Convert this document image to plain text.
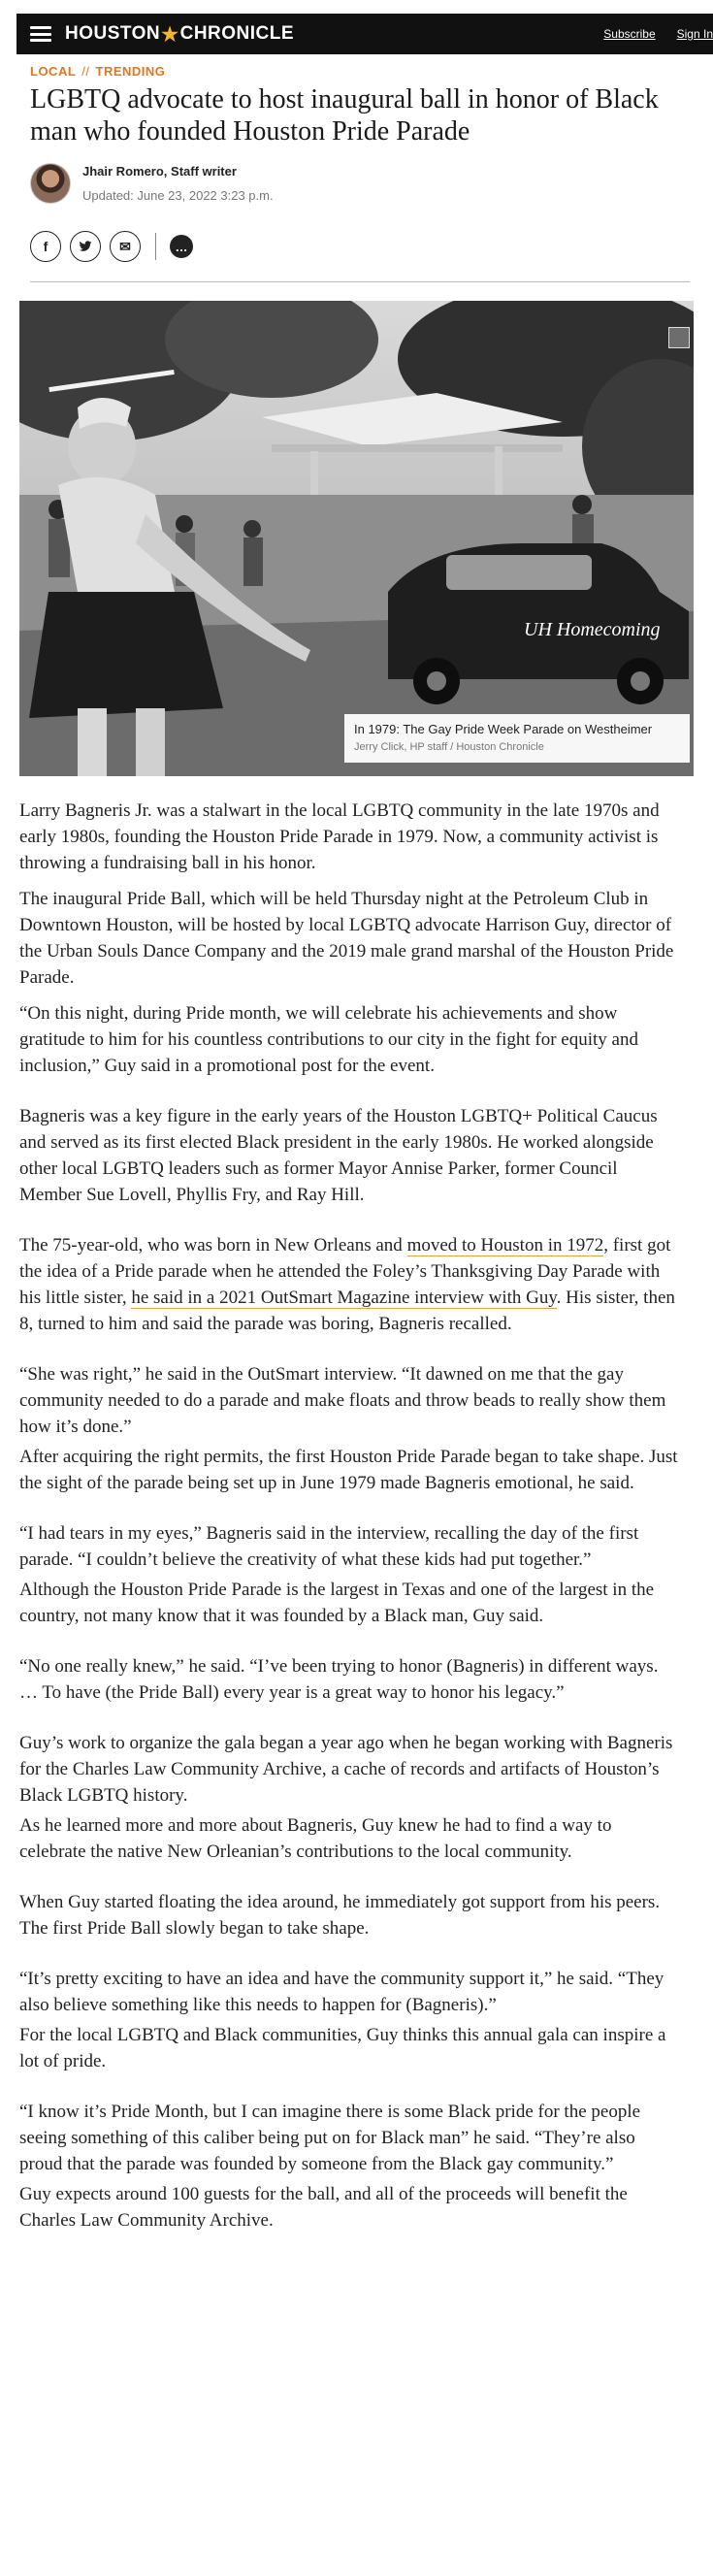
HOUSTON ★ CHRONICLE	Subscribe Sign In
LOCAL // TRENDING
LGBTQ advocate to host inaugural ball in honor of Black man who founded Houston Pride Parade
Jhair Romero, Staff writer
Updated: June 23, 2022 3:23 p.m.
f	✉	…
UH Homecoming
In 1979: The Gay Pride Week Parade on Westheimer
Jerry Click, HP staff / Houston Chronicle

Larry Bagneris Jr. was a stalwart in the local LGBTQ community in the late 1970s and early 1980s, founding the Houston Pride Parade in 1979. Now, a community activist is throwing a fundraising ball in his honor.

The inaugural Pride Ball, which will be held Thursday night at the Petroleum Club in Downtown Houston, will be hosted by local LGBTQ advocate Harrison Guy, director of the Urban Souls Dance Company and the 2019 male grand marshal of the Houston Pride Parade.

“On this night, during Pride month, we will celebrate his achievements and show gratitude to him for his countless contributions to our city in the fight for equity and inclusion,” Guy said in a promotional post for the event.

Bagneris was a key figure in the early years of the Houston LGBTQ+ Political Caucus and served as its first elected Black president in the early 1980s. He worked alongside other local LGBTQ leaders such as former Mayor Annise Parker, former Council Member Sue Lovell, Phyllis Fry, and Ray Hill.

The 75-year-old, who was born in New Orleans and moved to Houston in 1972, first got the idea of a Pride parade when he attended the Foley’s Thanksgiving Day Parade with his little sister, he said in a 2021 OutSmart Magazine interview with Guy. His sister, then 8, turned to him and said the parade was boring, Bagneris recalled.

“She was right,” he said in the OutSmart interview. “It dawned on me that the gay community needed to do a parade and make floats and throw beads to really show them how it’s done.”

After acquiring the right permits, the first Houston Pride Parade began to take shape. Just the sight of the parade being set up in June 1979 made Bagneris emotional, he said.

“I had tears in my eyes,” Bagneris said in the interview, recalling the day of the first parade. “I couldn’t believe the creativity of what these kids had put together.”

Although the Houston Pride Parade is the largest in Texas and one of the largest in the country, not many know that it was founded by a Black man, Guy said.

“No one really knew,” he said. “I’ve been trying to honor (Bagneris) in different ways. … To have (the Pride Ball) every year is a great way to honor his legacy.”

Guy’s work to organize the gala began a year ago when he began working with Bagneris for the Charles Law Community Archive, a cache of records and artifacts of Houston’s Black LGBTQ history.

As he learned more and more about Bagneris, Guy knew he had to find a way to celebrate the native New Orleanian’s contributions to the local community.

When Guy started floating the idea around, he immediately got support from his peers. The first Pride Ball slowly began to take shape.

“It’s pretty exciting to have an idea and have the community support it,” he said. “They also believe something like this needs to happen for (Bagneris).”

For the local LGBTQ and Black communities, Guy thinks this annual gala can inspire a lot of pride.

“I know it’s Pride Month, but I can imagine there is some Black pride for the people seeing something of this caliber being put on for Black man” he said. “They’re also proud that the parade was founded by someone from the Black gay community.”

Guy expects around 100 guests for the ball, and all of the proceeds will benefit the Charles Law Community Archive.
